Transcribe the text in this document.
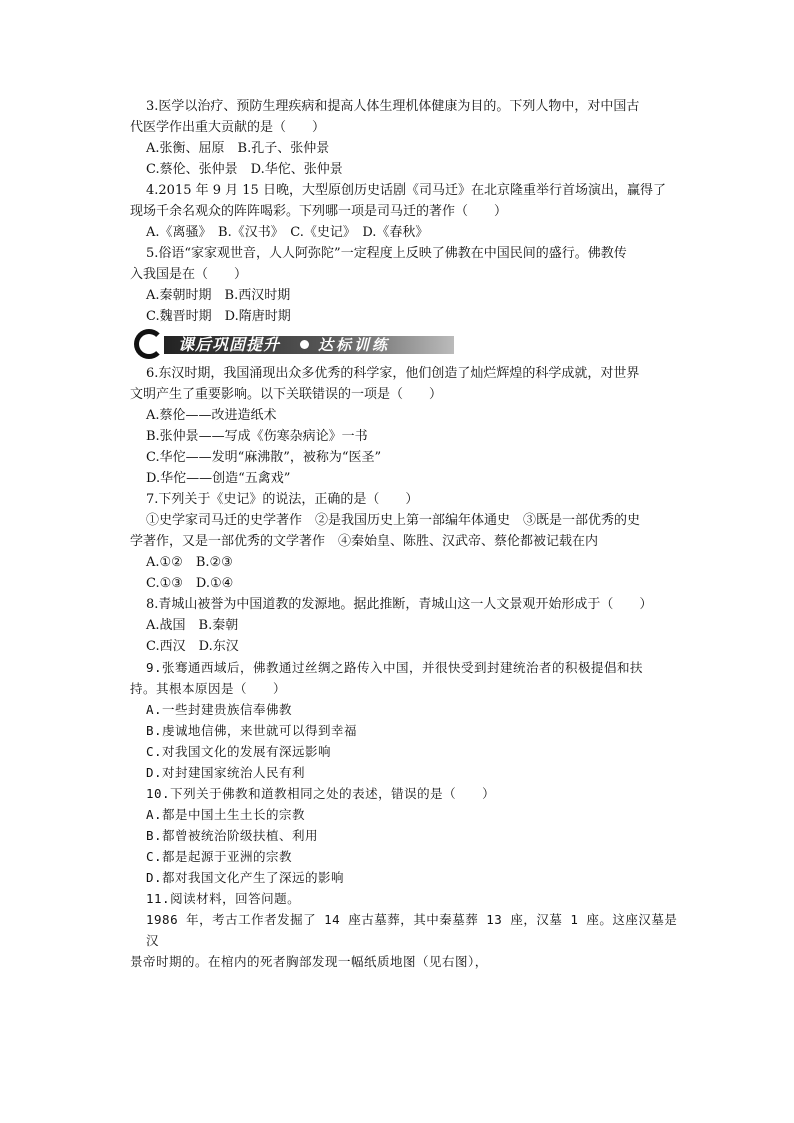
3.医学以治疗、预防生理疾病和提高人体生理机体健康为目的。下列人物中，对中国古
代医学作出重大贡献的是（　　）
A.张衡、屈原　B.孔子、张仲景
C.蔡伦、张仲景　D.华佗、张仲景
4.2015 年 9 月 15 日晚，大型原创历史话剧《司马迁》在北京隆重举行首场演出，赢得了
现场千余名观众的阵阵喝彩。下列哪一项是司马迁的著作（　　）
A.《离骚》　B.《汉书》　C.《史记》　D.《春秋》
5.俗语“家家观世音，人人阿弥陀”一定程度上反映了佛教在中国民间的盛行。佛教传
入我国是在（　　）
A.秦朝时期　B.西汉时期
C.魏晋时期　D.隋唐时期
课后巩固提升	达标训练
6.东汉时期，我国涌现出众多优秀的科学家，他们创造了灿烂辉煌的科学成就，对世界
文明产生了重要影响。以下关联错误的一项是（　　）
A.蔡伦——改进造纸术
B.张仲景——写成《伤寒杂病论》一书
C.华佗——发明“麻沸散”，被称为“医圣”
D.华佗——创造“五禽戏”
7.下列关于《史记》的说法，正确的是（　　）
①史学家司马迁的史学著作　②是我国历史上第一部编年体通史　③既是一部优秀的史
学著作，又是一部优秀的文学著作　④秦始皇、陈胜、汉武帝、蔡伦都被记载在内
A.①②　B.②③
C.①③　D.①④
8.青城山被誉为中国道教的发源地。据此推断，青城山这一人文景观开始形成于（　　）
A.战国　B.秦朝
C.西汉　D.东汉
9.张骞通西域后，佛教通过丝绸之路传入中国，并很快受到封建统治者的积极提倡和扶
持。其根本原因是（　　）
A.一些封建贵族信奉佛教
B.虔诚地信佛，来世就可以得到幸福
C.对我国文化的发展有深远影响
D.对封建国家统治人民有利
10.下列关于佛教和道教相同之处的表述，错误的是（　　）
A.都是中国土生土长的宗教
B.都曾被统治阶级扶植、利用
C.都是起源于亚洲的宗教
D.都对我国文化产生了深远的影响
11.阅读材料，回答问题。
1986 年，考古工作者发掘了 14 座古墓葬，其中秦墓葬 13 座，汉墓 1 座。这座汉墓是汉
景帝时期的。在棺内的死者胸部发现一幅纸质地图（见右图），
